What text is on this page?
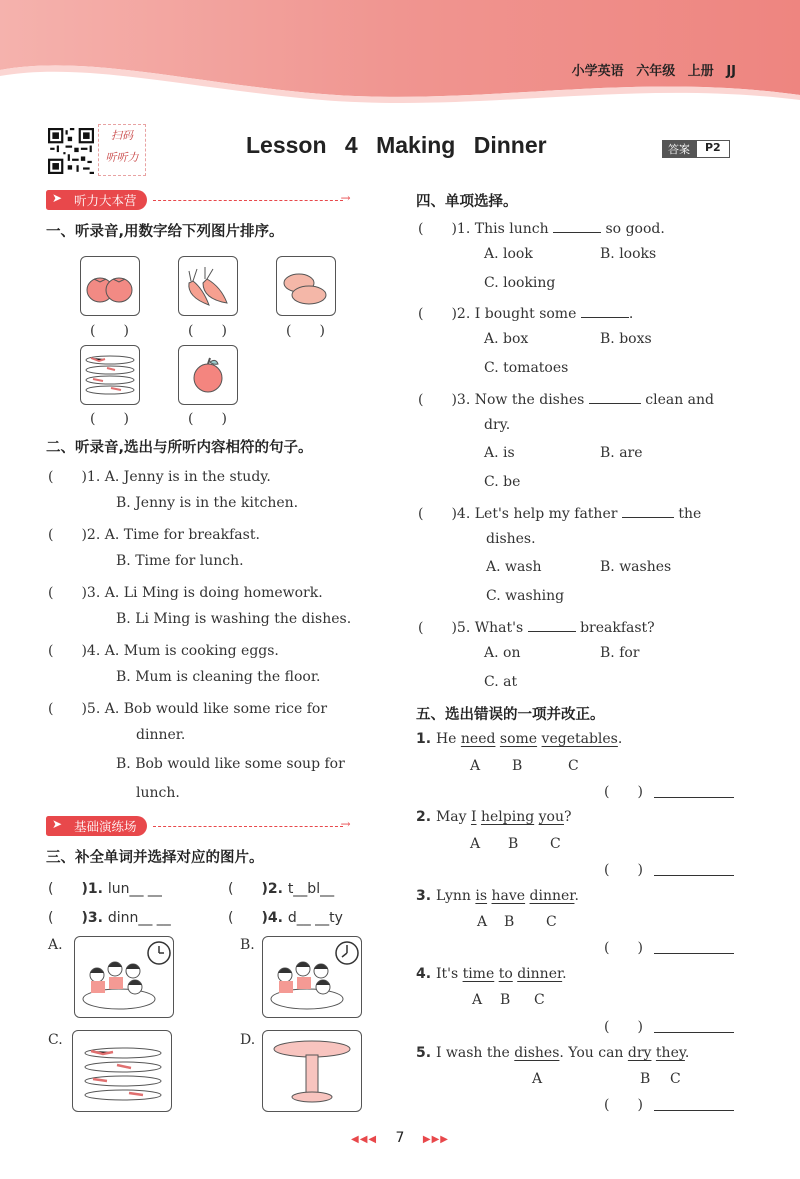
小学英语 六年级 上册 JJ
扫码
听听力	Lesson 4 Making Dinner	答案	P2
➤ 听力大本营
→
一、听录音,用数字给下列图片排序。
(　　)	(　　)	(　　)
(　　)	(　　)
二、听录音,选出与所听内容相符的句子。
(　　)1. A. Jenny is in the study.
B. Jenny is in the kitchen.
(　　)2. A. Time for breakfast.
B. Time for lunch.
(　　)3. A. Li Ming is doing homework.
B. Li Ming is washing the dishes.
(　　)4. A. Mum is cooking eggs.
B. Mum is cleaning the floor.
(　　)5. A. Bob would like some rice for
dinner.
B. Bob would like some soup for
lunch.
➤ 基础演练场
→
三、补全单词并选择对应的图片。
(　　)1. lun__ __	(　　)2. t__bl__
(　　)3. dinn__ __	(　　)4. d__ __ty
A.	B.
C.	D.
四、单项选择。
(　　)1. This lunch	so good.
A. look	B. looks
C. looking
(　　)2. I bought some	.
A. box	B. boxs
C. tomatoes
(　　)3. Now the dishes	clean and
dry.
A. is	B. are
C. be
(　　)4. Let's help my father	the
dishes.
A. wash	B. washes
C. washing
(　　)5. What's	breakfast?
A. on	B. for
C. at
五、选出错误的一项并改正。
1. He need some vegetables.
A B	C
(　　)
2. May I helping you?
A B C
(　　)
3. Lynn is have dinner.
A B C
(　　)
4. It's time to dinner.
A B C
(　　)
5. I wash the dishes. You can dry they.
A	B C
(　　)
◀◀◀ 7 ▶▶▶
